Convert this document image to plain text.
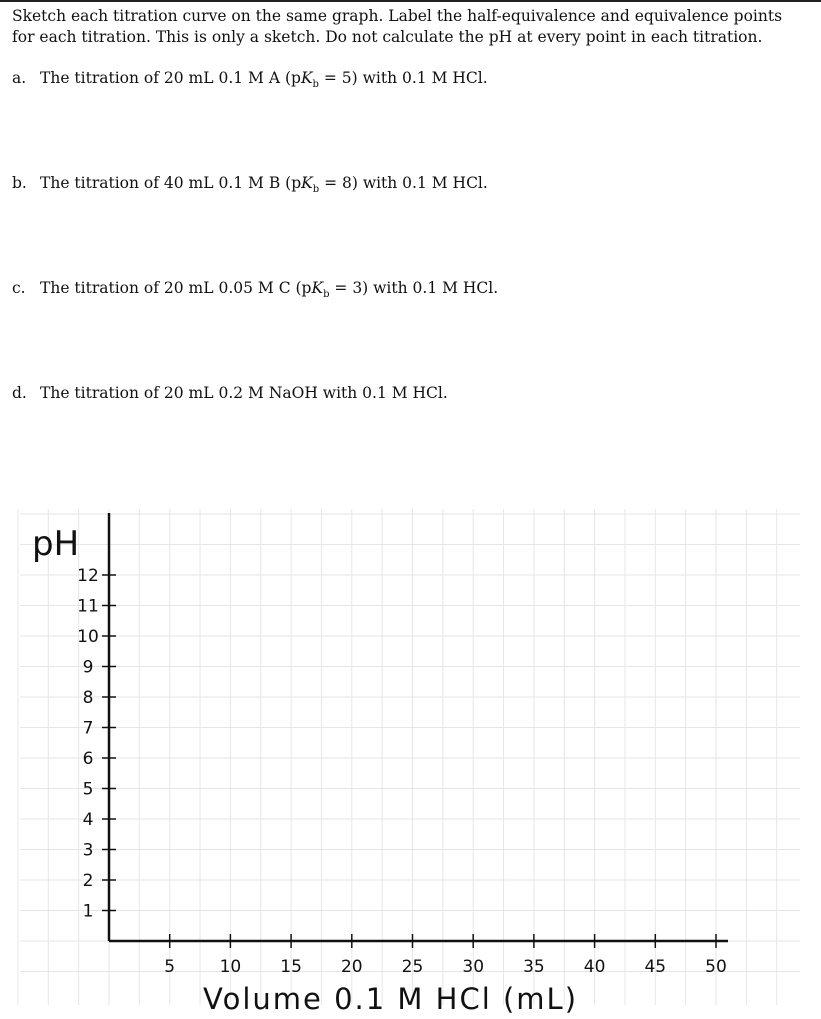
Sketch each titration curve on the same graph. Label the half-equivalence and equivalence points for each titration. This is only a sketch. Do not calculate the pH at every point in each titration.

a. The titration of 20 mL 0.1 M A $(pK_b = 5)$ with 0.1 M HCl.
b. The titration of 40 mL 0.1 M B $(pK_b = 8)$ with 0.1 M HCl.
c. The titration of 20 mL 0.05 M C $(pK_b = 3)$ with 0.1 M HCl.
d. The titration of 20 mL 0.2 M NaOH with 0.1 M HCl.
5	10 15 20 25 30 35 40 45 50
1
2
3
4
5
6
7
8
9
10
11
12
pH
Volume 0.1 M HCl (mL)
